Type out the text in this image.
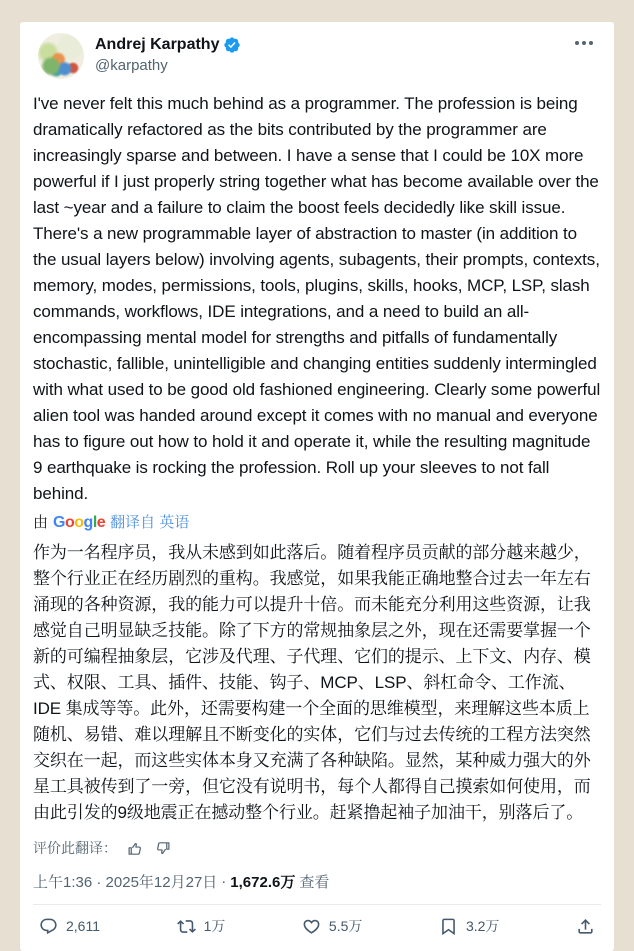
Andrej Karpathy
@karpathy

I've never felt this much behind as a programmer. The profession is being dramatically refactored as the bits contributed by the programmer are increasingly sparse and between. I have a sense that I could be 10X more powerful if I just properly string together what has become available over the last ~year and a failure to claim the boost feels decidedly like skill issue. There's a new programmable layer of abstraction to master (in addition to the usual layers below) involving agents, subagents, their prompts, contexts, memory, modes, permissions, tools, plugins, skills, hooks, MCP, LSP, slash commands, workflows, IDE integrations, and a need to build an all-encompassing mental model for strengths and pitfalls of fundamentally stochastic, fallible, unintelligible and changing entities suddenly intermingled with what used to be good old fashioned engineering. Clearly some powerful alien tool was handed around except it comes with no manual and everyone has to figure out how to hold it and operate it, while the resulting magnitude 9 earthquake is rocking the profession. Roll up your sleeves to not fall behind.

由 Google 翻译自 英语

作为一名程序员，我从未感到如此落后。随着程序员贡献的部分越来越少，整个行业正在经历剧烈的重构。我感觉，如果我能正确地整合过去一年左右涌现的各种资源，我的能力可以提升十倍。而未能充分利用这些资源，让我感觉自己明显缺乏技能。除了下方的常规抽象层之外，现在还需要掌握一个新的可编程抽象层，它涉及代理、子代理、它们的提示、上下文、内存、模式、权限、工具、插件、技能、钩子、MCP、LSP、斜杠命令、工作流、IDE 集成等等。此外，还需要构建一个全面的思维模型，来理解这些本质上随机、易错、难以理解且不断变化的实体，它们与过去传统的工程方法突然交织在一起，而这些实体本身又充满了各种缺陷。显然，某种威力强大的外星工具被传到了一旁，但它没有说明书，每个人都得自己摸索如何使用，而由此引发的9级地震正在撼动整个行业。赶紧撸起袖子加油干，别落后了。

评价此翻译：
上午1:36 · 2025年12月27日 · 1,672.6万 查看
2,611	1万	5.5万	3.2万
